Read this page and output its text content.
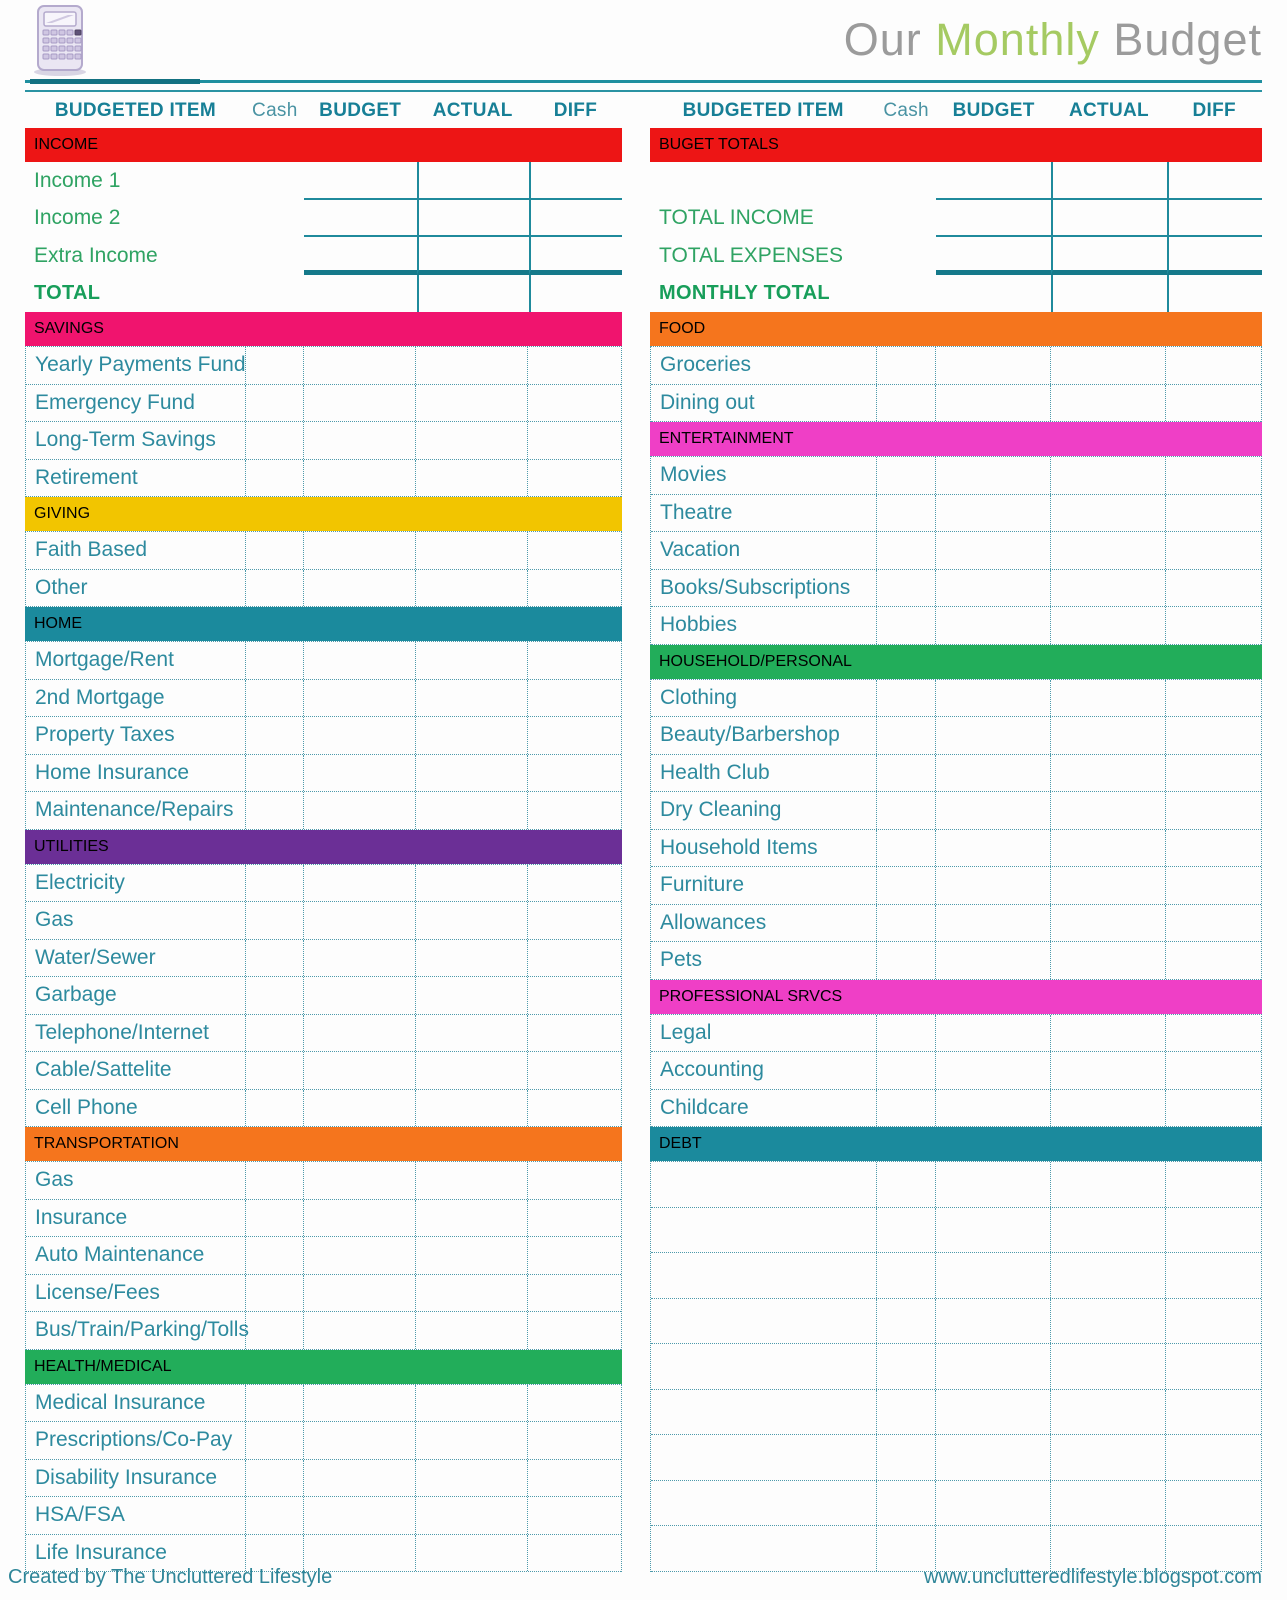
Our Monthly Budget
BUDGETED ITEM	Cash	BUDGET	ACTUAL	DIFF
INCOME
Income 1
Income 2
Extra Income
TOTAL
SAVINGS
Yearly Payments Fund
Emergency Fund
Long-Term Savings
Retirement
GIVING
Faith Based
Other
HOME
Mortgage/Rent
2nd Mortgage
Property Taxes
Home Insurance
Maintenance/Repairs
UTILITIES
Electricity
Gas
Water/Sewer
Garbage
Telephone/Internet
Cable/Sattelite
Cell Phone
TRANSPORTATION
Gas
Insurance
Auto Maintenance
License/Fees
Bus/Train/Parking/Tolls
HEALTH/MEDICAL
Medical Insurance
Prescriptions/Co-Pay
Disability Insurance
HSA/FSA
Life Insurance
BUDGETED ITEM	Cash	BUDGET	ACTUAL	DIFF
BUGET TOTALS
TOTAL INCOME
TOTAL EXPENSES
MONTHLY TOTAL
FOOD
Groceries
Dining out
ENTERTAINMENT
Movies
Theatre
Vacation
Books/Subscriptions
Hobbies
HOUSEHOLD/PERSONAL
Clothing
Beauty/Barbershop
Health Club
Dry Cleaning
Household Items
Furniture
Allowances
Pets
PROFESSIONAL SRVCS
Legal
Accounting
Childcare
DEBT
Created by The Uncluttered Lifestyle	www.unclutteredlifestyle.blogspot.com
